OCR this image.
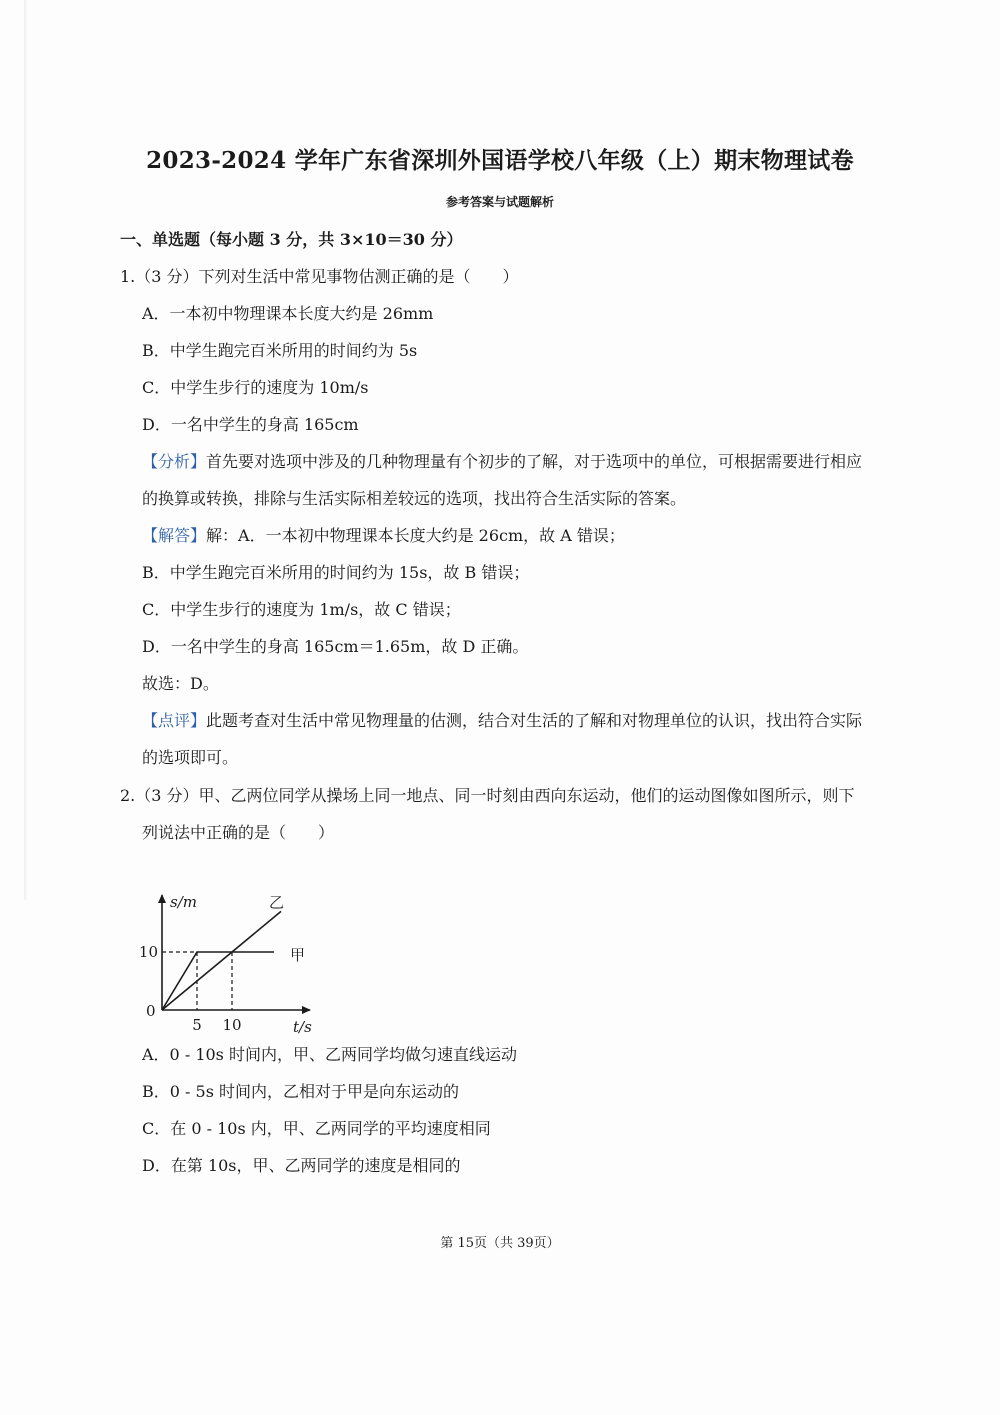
2023-2024 学年广东省深圳外国语学校八年级（上）期末物理试卷
参考答案与试题解析
一、单选题（每小题 3 分，共 3×10＝30 分）
1.（3 分）下列对生活中常见事物估测正确的是（　　）
A．一本初中物理课本长度大约是 26mm
B．中学生跑完百米所用的时间约为 5s
C．中学生步行的速度为 10m/s
D．一名中学生的身高 165cm
【分析】首先要对选项中涉及的几种物理量有个初步的了解，对于选项中的单位，可根据需要进行相应
的换算或转换，排除与生活实际相差较远的选项，找出符合生活实际的答案。
【解答】解：A．一本初中物理课本长度大约是 26cm，故 A 错误；
B．中学生跑完百米所用的时间约为 15s，故 B 错误；
C．中学生步行的速度为 1m/s，故 C 错误；
D．一名中学生的身高 165cm＝1.65m，故 D 正确。
故选：D。
【点评】此题考查对生活中常见物理量的估测，结合对生活的了解和对物理单位的认识，找出符合实际
的选项即可。
2.（3 分）甲、乙两位同学从操场上同一地点、同一时刻由西向东运动，他们的运动图像如图所示，则下
列说法中正确的是（　　）
s/m
t/s
0
10
5 10
甲
乙
A．0 - 10s 时间内，甲、乙两同学均做匀速直线运动
B．0 - 5s 时间内，乙相对于甲是向东运动的
C．在 0 - 10s 内，甲、乙两同学的平均速度相同
D．在第 10s，甲、乙两同学的速度是相同的
第 15页（共 39页）
